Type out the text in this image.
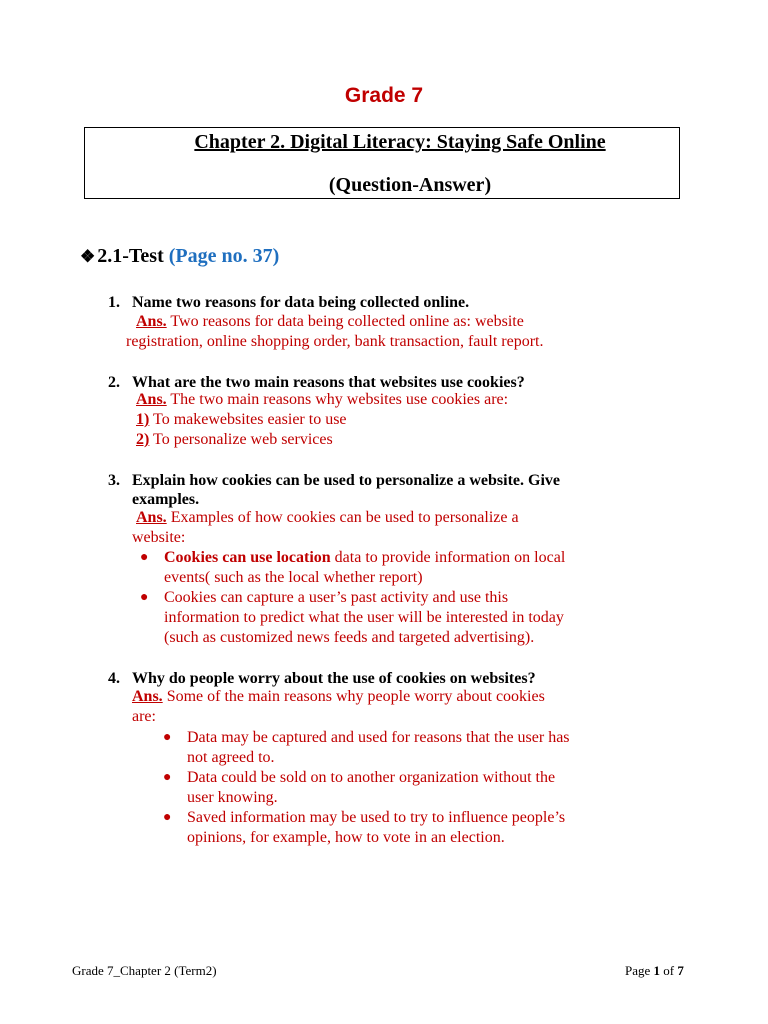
Grade 7
Chapter 2. Digital Literacy: Staying Safe Online
(Question-Answer)
❖ 2.1-Test (Page no. 37)
1. Name two reasons for data being collected online.
Ans. Two reasons for data being collected online as: website
registration, online shopping order, bank transaction, fault report.
2. What are the two main reasons that websites use cookies?
Ans. The two main reasons why websites use cookies are:
1) To makewebsites easier to use
2) To personalize web services
3. Explain how cookies can be used to personalize a website. Give
examples.
Ans. Examples of how cookies can be used to personalize a
website:
● Cookies can use location data to provide information on local
events( such as the local whether report)
● Cookies can capture a user’s past activity and use this
information to predict what the user will be interested in today
(such as customized news feeds and targeted advertising).
4. Why do people worry about the use of cookies on websites?
Ans. Some of the main reasons why people worry about cookies
are:
● Data may be captured and used for reasons that the user has
not agreed to.
● Data could be sold on to another organization without the
user knowing.
● Saved information may be used to try to influence people’s
opinions, for example, how to vote in an election.
Grade 7_Chapter 2 (Term2)	Page 1 of 7
